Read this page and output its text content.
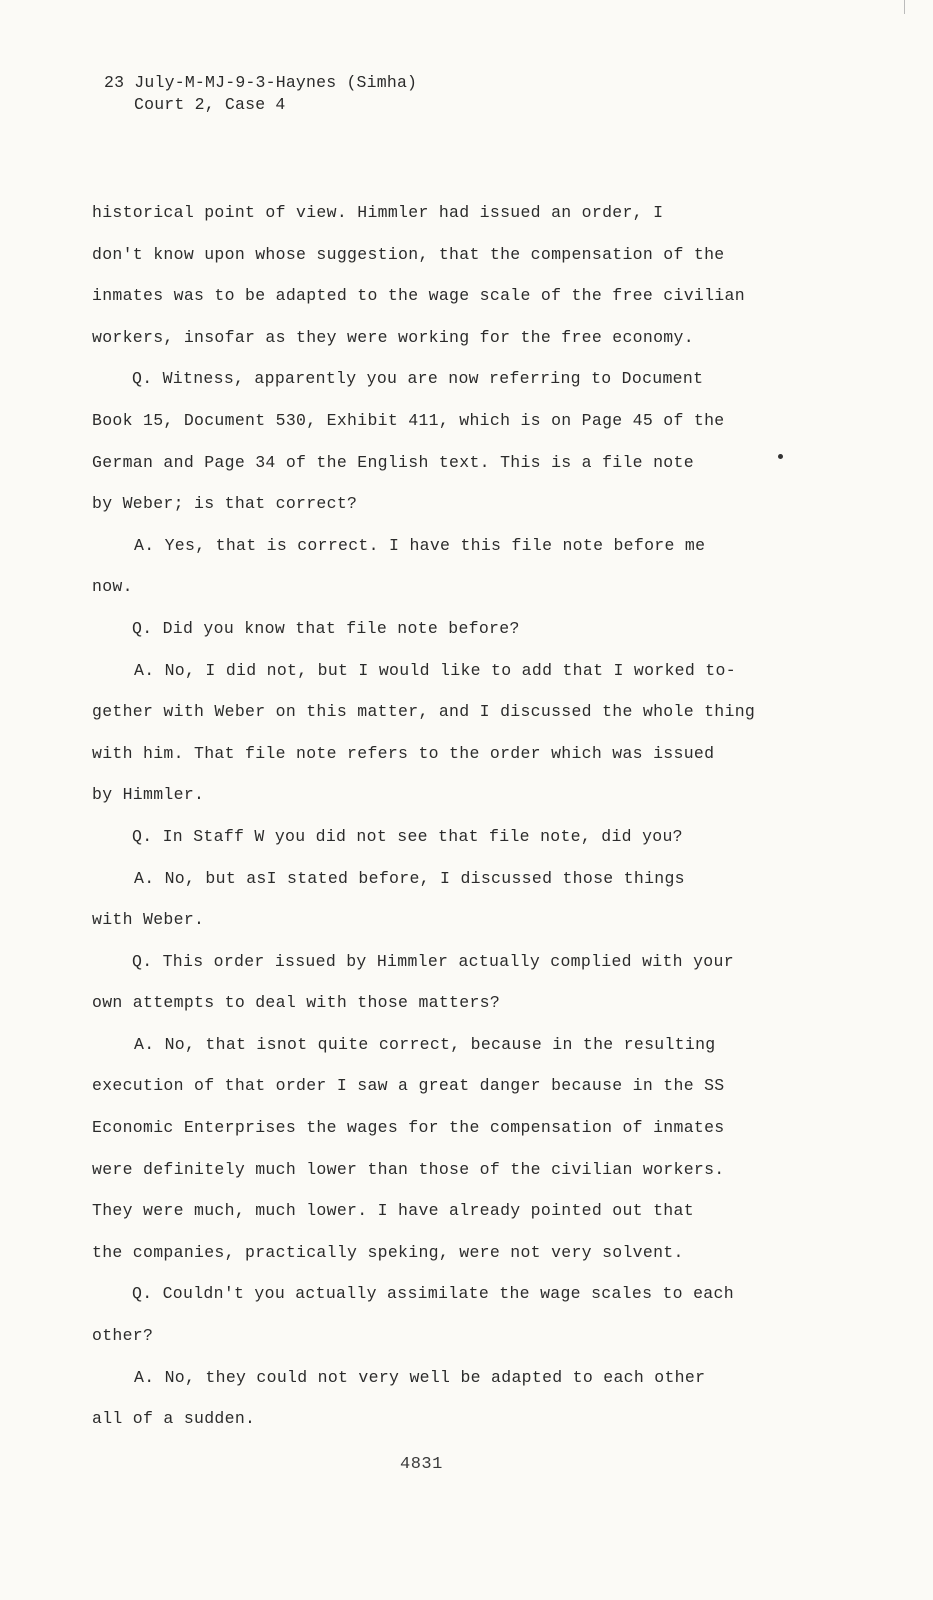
23 July-M-MJ-9-3-Haynes (Simha)
Court 2, Case 4
historical point of view. Himmler had issued an order, I
don't know upon whose suggestion, that the compensation of the
inmates was to be adapted to the wage scale of the free civilian
workers, insofar as they were working for the free economy.
Q. Witness, apparently you are now referring to Document
Book 15, Document 530, Exhibit 411, which is on Page 45 of the
German and Page 34 of the English text. This is a file note
by Weber; is that correct?
A. Yes, that is correct. I have this file note before me
now.
Q. Did you know that file note before?
A. No, I did not, but I would like to add that I worked to-
gether with Weber on this matter, and I discussed the whole thing
with him. That file note refers to the order which was issued
by Himmler.
Q. In Staff W you did not see that file note, did you?
A. No, but asI stated before, I discussed those things
with Weber.
Q. This order issued by Himmler actually complied with your
own attempts to deal with those matters?
A. No, that isnot quite correct, because in the resulting
execution of that order I saw a great danger because in the SS
Economic Enterprises the wages for the compensation of inmates
were definitely much lower than those of the civilian workers.
They were much, much lower. I have already pointed out that
the companies, practically speking, were not very solvent.
Q. Couldn't you actually assimilate the wage scales to each
other?
A. No, they could not very well be adapted to each other
all of a sudden.
4831
